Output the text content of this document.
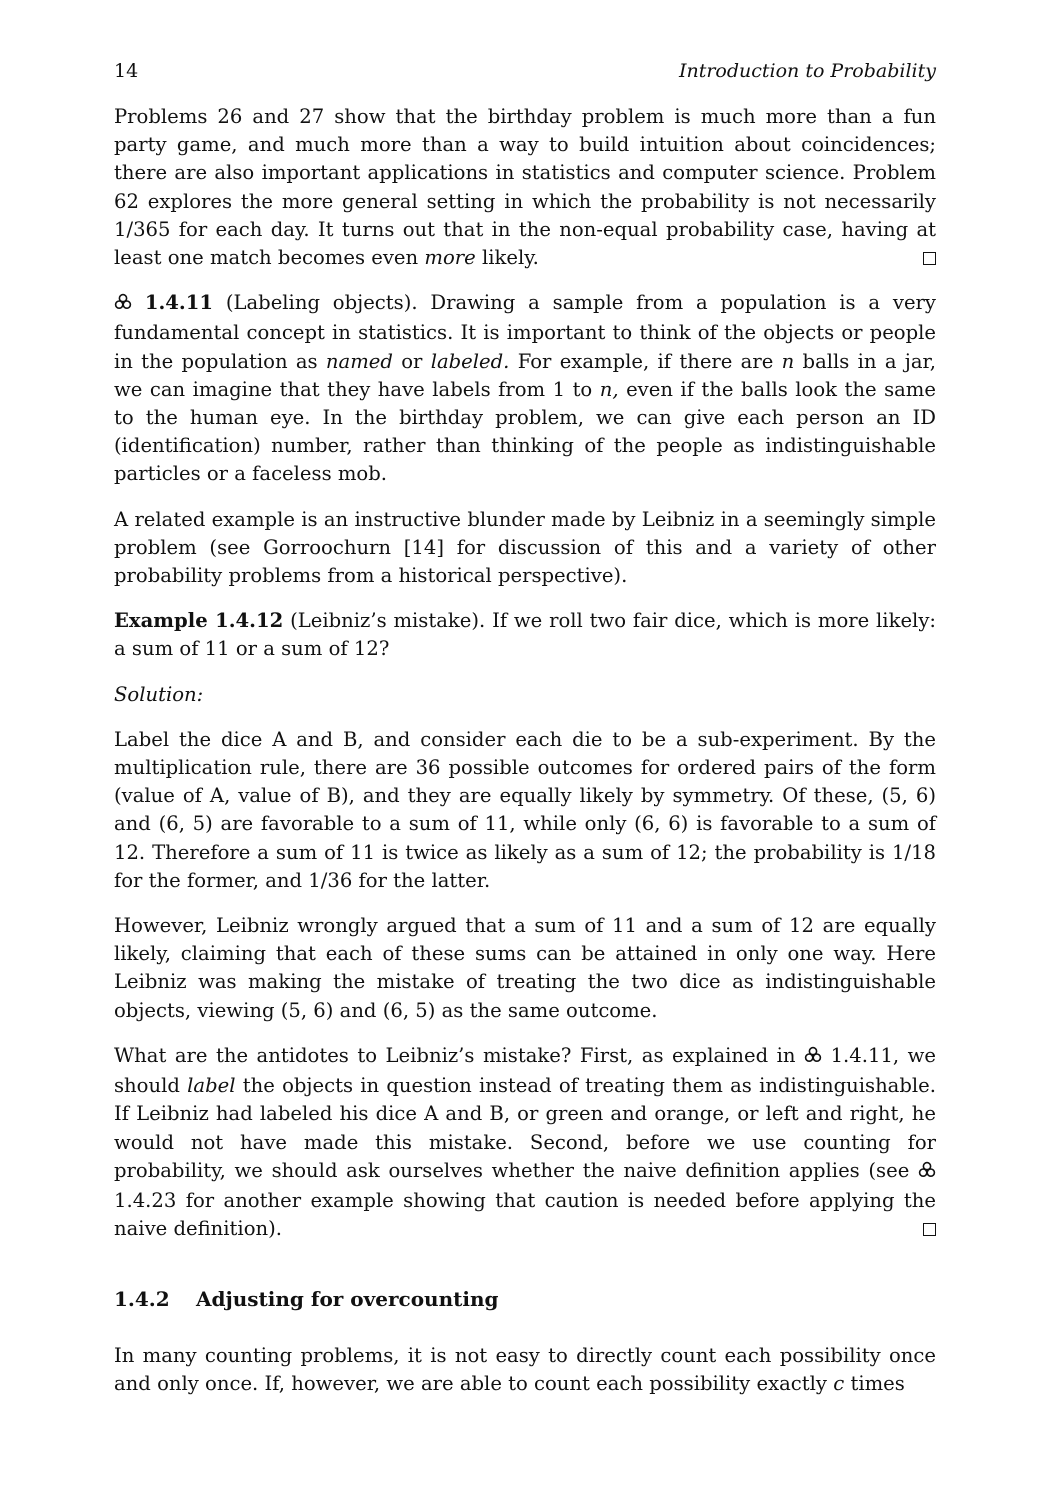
14	Introduction to Probability

Problems 26 and 27 show that the birthday problem is much more than a fun party game, and much more than a way to build intuition about coincidences; there are also important applications in statistics and computer science. Problem 62 explores the more general setting in which the probability is not necessarily 1/365 for each day. It turns out that in the non-equal probability case, having at least one match becomes even more likely.

1.4.11 (Labeling objects). Drawing a sample from a population is a very fundamental concept in statistics. It is important to think of the objects or people in the population as named or labeled. For example, if there are n balls in a jar, we can imagine that they have labels from 1 to n, even if the balls look the same to the human eye. In the birthday problem, we can give each person an ID (identification) number, rather than thinking of the people as indistinguishable particles or a faceless mob.

A related example is an instructive blunder made by Leibniz in a seemingly simple problem (see Gorroochurn [14] for discussion of this and a variety of other probability problems from a historical perspective).

Example 1.4.12 (Leibniz’s mistake). If we roll two fair dice, which is more likely: a sum of 11 or a sum of 12?

Solution:

Label the dice A and B, and consider each die to be a sub-experiment. By the multiplication rule, there are 36 possible outcomes for ordered pairs of the form (value of A, value of B), and they are equally likely by symmetry. Of these, (5, 6) and (6, 5) are favorable to a sum of 11, while only (6, 6) is favorable to a sum of 12. Therefore a sum of 11 is twice as likely as a sum of 12; the probability is 1/18 for the former, and 1/36 for the latter.

However, Leibniz wrongly argued that a sum of 11 and a sum of 12 are equally likely, claiming that each of these sums can be attained in only one way. Here Leibniz was making the mistake of treating the two dice as indistinguishable objects, viewing (5, 6) and (6, 5) as the same outcome.

What are the antidotes to Leibniz’s mistake? First, as explained in 1.4.11, we should label the objects in question instead of treating them as indistinguishable. If Leibniz had labeled his dice A and B, or green and orange, or left and right, he would not have made this mistake. Second, before we use counting for probability, we should ask ourselves whether the naive definition applies (see  1.4.23 for another example showing that caution is needed before applying the naive definition).

1.4.2 Adjusting for overcounting

In many counting problems, it is not easy to directly count each possibility once and only once. If, however, we are able to count each possibility exactly c times
